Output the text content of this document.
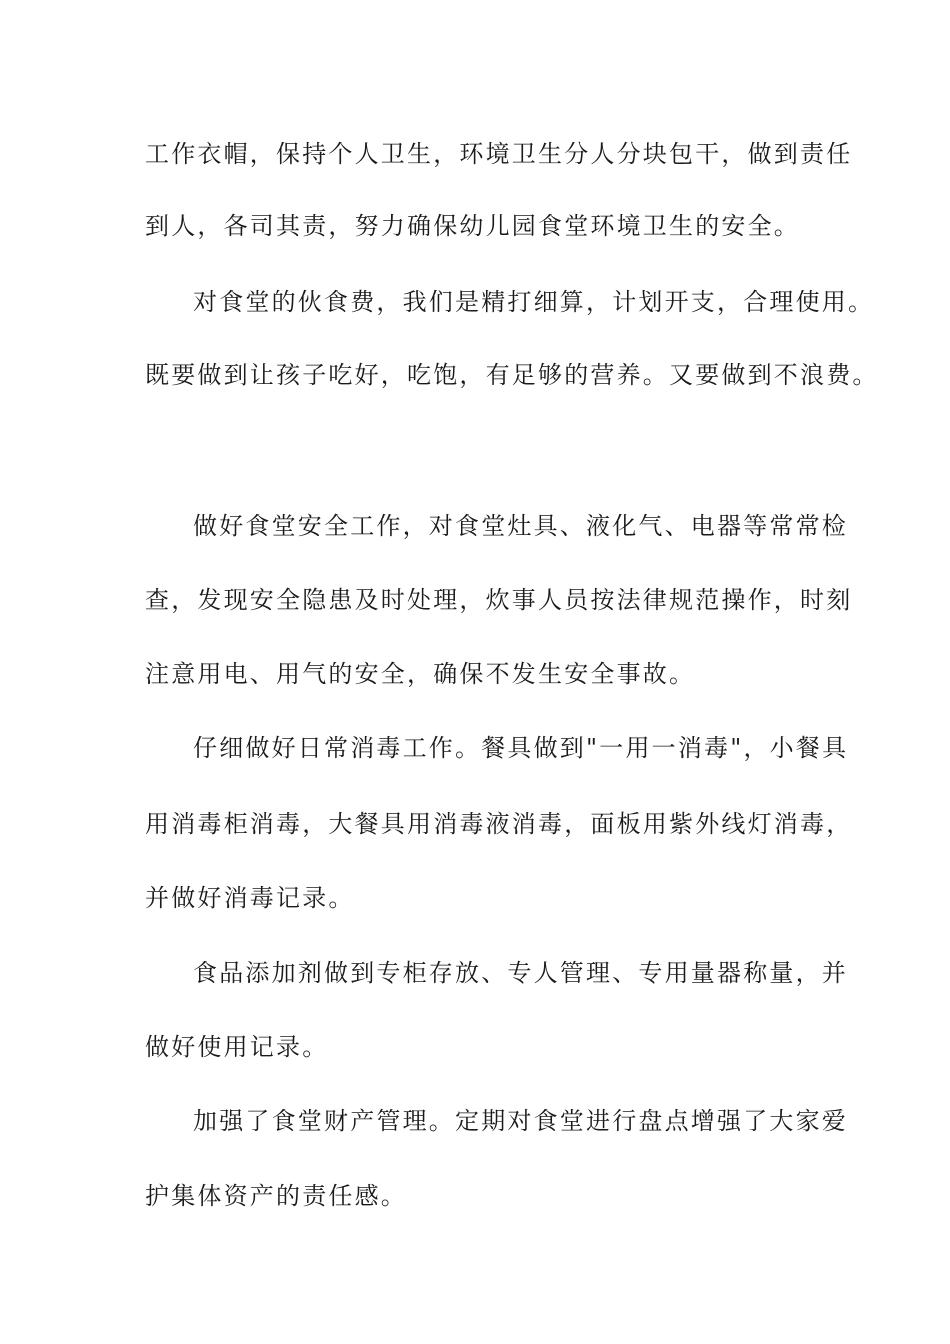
工作衣帽，保持个人卫生，环境卫生分人分块包干，做到责任
到人，各司其责，努力确保幼儿园食堂环境卫生的安全。
对食堂的伙食费，我们是精打细算，计划开支，合理使用。
既要做到让孩子吃好，吃饱，有足够的营养。又要做到不浪费。
做好食堂安全工作，对食堂灶具、液化气、电器等常常检
查，发现安全隐患及时处理，炊事人员按法律规范操作，时刻
注意用电、用气的安全，确保不发生安全事故。
仔细做好日常消毒工作。餐具做到"一用一消毒"，小餐具
用消毒柜消毒，大餐具用消毒液消毒，面板用紫外线灯消毒，
并做好消毒记录。
食品添加剂做到专柜存放、专人管理、专用量器称量，并
做好使用记录。
加强了食堂财产管理。定期对食堂进行盘点增强了大家爱
护集体资产的责任感。
